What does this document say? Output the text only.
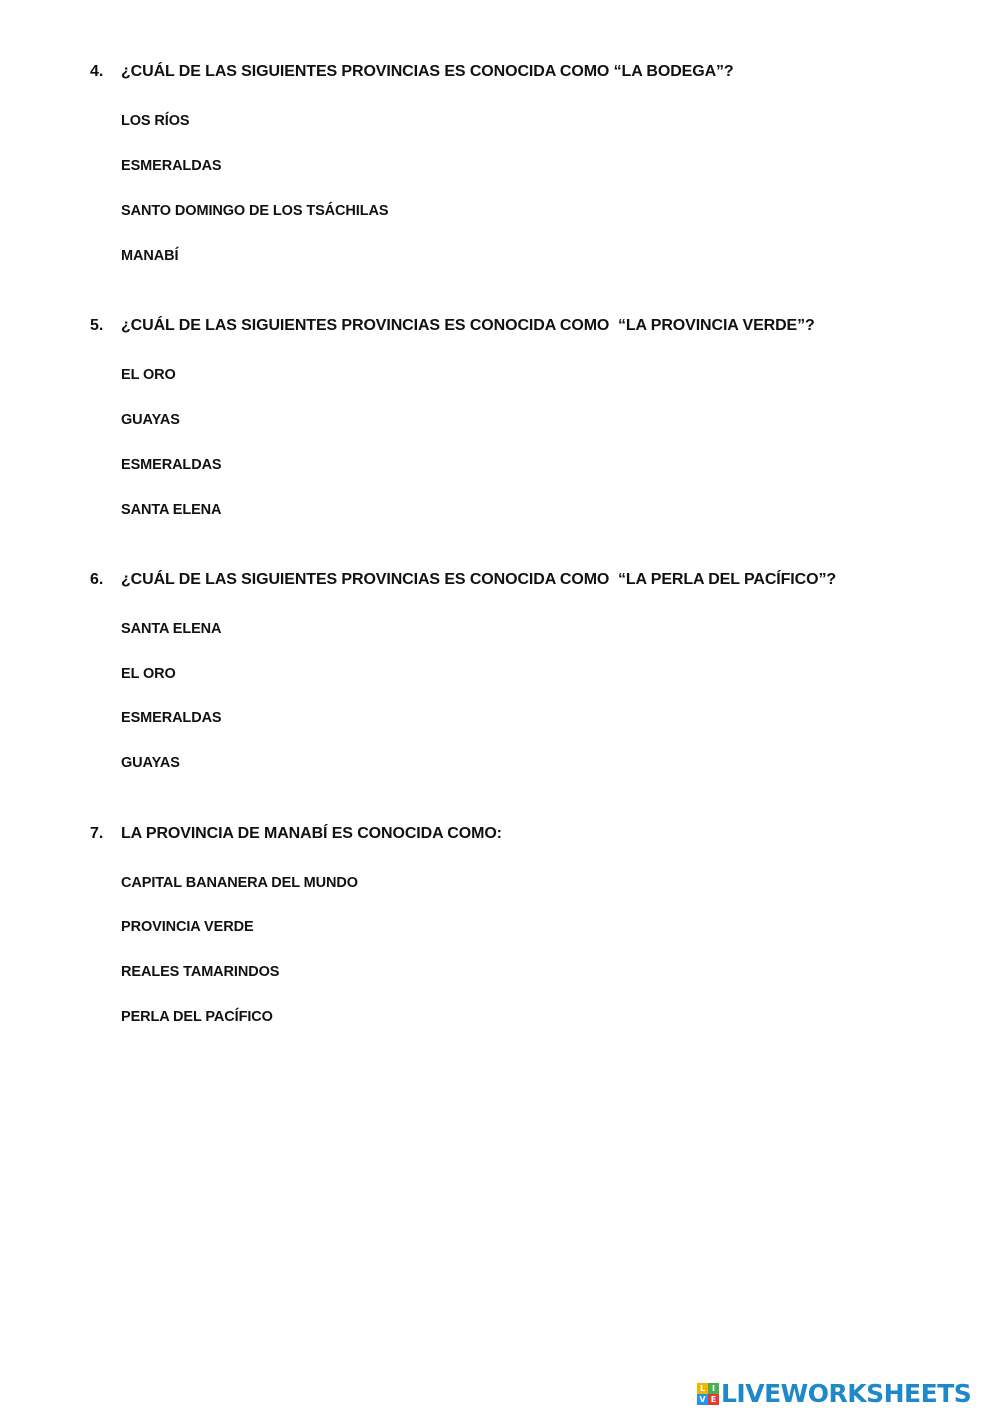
4. ¿CUÁL DE LAS SIGUIENTES PROVINCIAS ES CONOCIDA COMO “LA BODEGA”?
LOS RÍOS
ESMERALDAS
SANTO DOMINGO DE LOS TSÁCHILAS
MANABÍ
5. ¿CUÁL DE LAS SIGUIENTES PROVINCIAS ES CONOCIDA COMO  “LA PROVINCIA VERDE”?
EL ORO
GUAYAS
ESMERALDAS
SANTA ELENA
6. ¿CUÁL DE LAS SIGUIENTES PROVINCIAS ES CONOCIDA COMO  “LA PERLA DEL PACÍFICO”?
SANTA ELENA
EL ORO
ESMERALDAS
GUAYAS
7. LA PROVINCIA DE MANABÍ ES CONOCIDA COMO:
CAPITAL BANANERA DEL MUNDO
PROVINCIA VERDE
REALES TAMARINDOS
PERLA DEL PACÍFICO
L I
V E LIVEWORKSHEETS
